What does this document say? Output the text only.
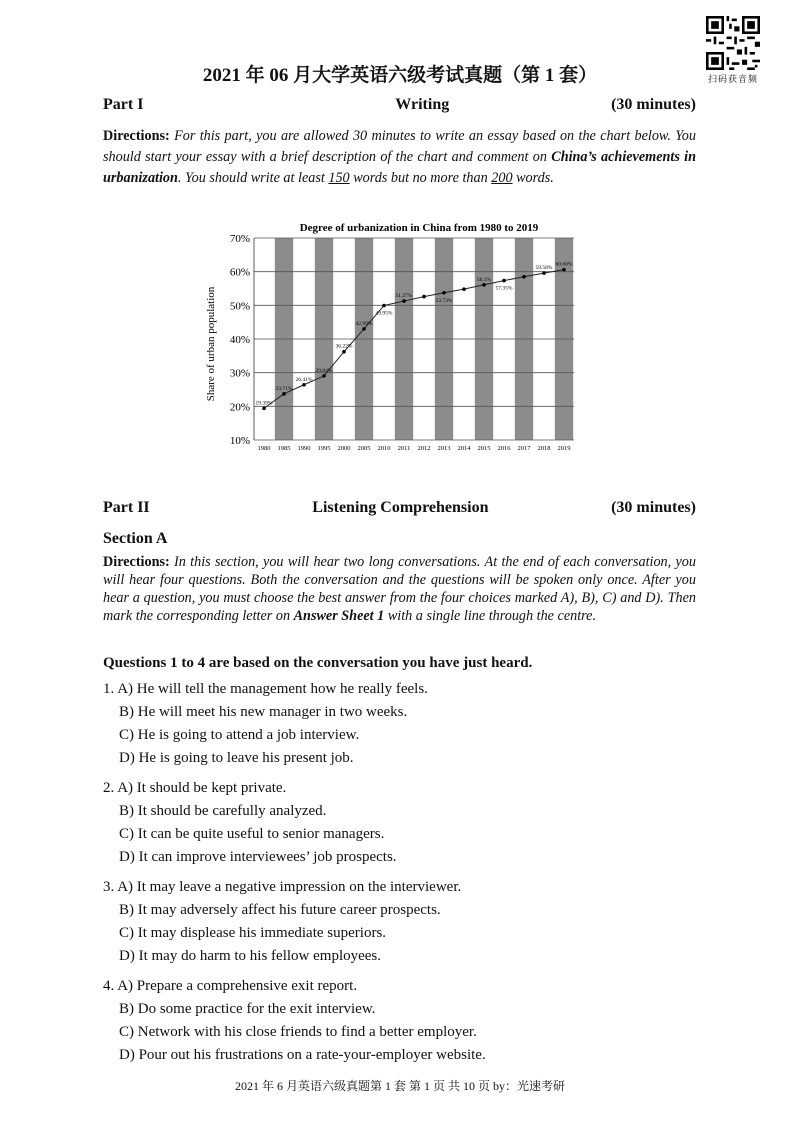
2021 年 06 月大学英语六级考试真题（第 1 套）	扫码获音频
Part I	Writing	(30 minutes)
Directions: For this part, you are allowed 30 minutes to write an essay based on the chart below. You should start your essay with a brief description of the chart and comment on China’s achievements in urbanization. You should write at least 150 words but no more than 200 words.
Degree of urbanization in China from 1980 to 2019
Share of urban population
70%
60%
50%
40%
30%
20%
10%
1980 1985 1990 1995 2000 2005 2010 2011 2012 2013 2014 2015 2016 2017 2018 2019
19.39%
23.71%
26.41%
29.04%
36.22%
42.99%
49.95%
51.27%
53.73%
56.1%
57.35%
59.58%
60.60%
Part II	Listening Comprehension	(30 minutes)
Section A
Directions: In this section, you will hear two long conversations. At the end of each conversation, you will hear four questions. Both the conversation and the questions will be spoken only once. After you hear a question, you must choose the best answer from the four choices marked A), B), C) and D). Then mark the corresponding letter on Answer Sheet 1 with a single line through the centre.
Questions 1 to 4 are based on the conversation you have just heard.
1. A) He will tell the management how he really feels.
B) He will meet his new manager in two weeks.
C) He is going to attend a job interview.
D) He is going to leave his present job.
2. A) It should be kept private.
B) It should be carefully analyzed.
C) It can be quite useful to senior managers.
D) It can improve interviewees’ job prospects.
3. A) It may leave a negative impression on the interviewer.
B) It may adversely affect his future career prospects.
C) It may displease his immediate superiors.
D) It may do harm to his fellow employees.
4. A) Prepare a comprehensive exit report.
B) Do some practice for the exit interview.
C) Network with his close friends to find a better employer.
D) Pour out his frustrations on a rate-your-employer website.
2021 年 6 月英语六级真题第 1 套 第 1 页 共 10 页 by：光速考研
